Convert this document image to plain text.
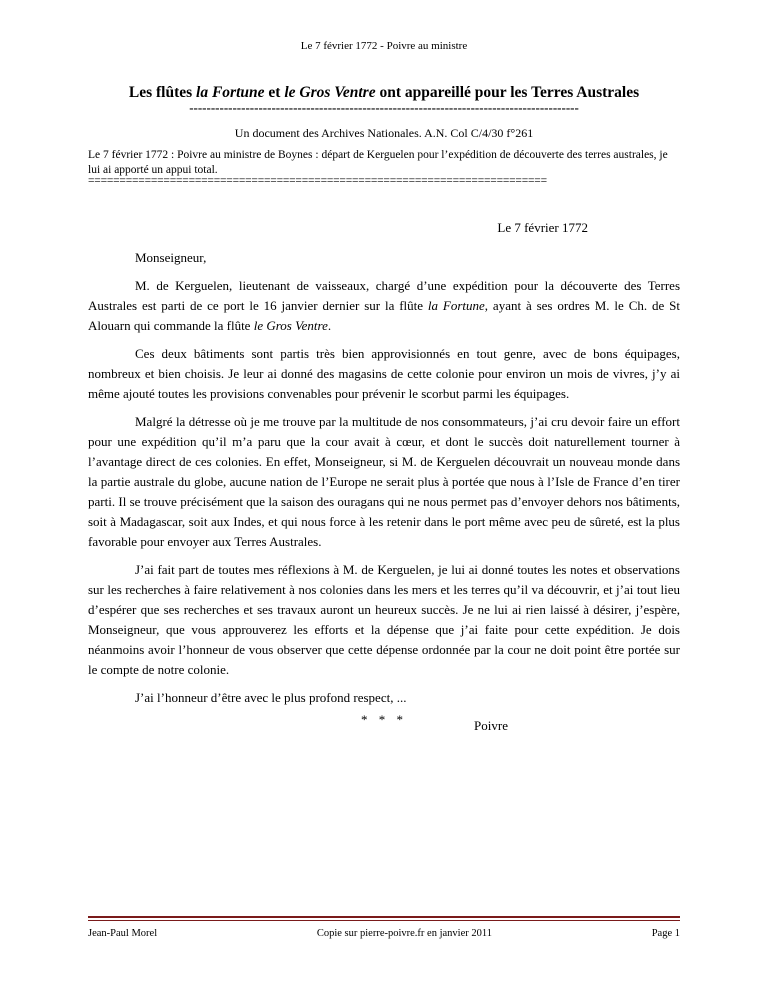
Le 7 février 1772 - Poivre au ministre
Les flûtes la Fortune et le Gros Ventre ont appareillé pour les Terres Australes
------------------------------------------------------------------------------------------
Un document des Archives Nationales. A.N. Col C/4/30 f°261
Le 7 février 1772 : Poivre au ministre de Boynes : départ de Kerguelen pour l’expédition de découverte des terres australes, je lui ai apporté un appui total.
=========================================================================
Le 7 février 1772

Monseigneur,

M. de Kerguelen, lieutenant de vaisseaux, chargé d’une expédition pour la découverte des Terres Australes est parti de ce port le 16 janvier dernier sur la flûte la Fortune, ayant à ses ordres M. le Ch. de St Alouarn qui commande la flûte le Gros Ventre.

Ces deux bâtiments sont partis très bien approvisionnés en tout genre, avec de bons équipages, nombreux et bien choisis. Je leur ai donné des magasins de cette colonie pour environ un mois de vivres, j’y ai même ajouté toutes les provisions convenables pour prévenir le scorbut parmi les équipages.

Malgré la détresse où je me trouve par la multitude de nos consommateurs, j’ai cru devoir faire un effort pour une expédition qu’il m’a paru que la cour avait à cœur, et dont le succès doit naturellement tourner à l’avantage direct de ces colonies. En effet, Monseigneur, si M. de Kerguelen découvrait un nouveau monde dans la partie australe du globe, aucune nation de l’Europe ne serait plus à portée que nous à l’Isle de France d’en tirer parti. Il se trouve précisément que la saison des ouragans qui ne nous permet pas d’envoyer dehors nos bâtiments, soit à Madagascar, soit aux Indes, et qui nous force à les retenir dans le port même avec peu de sûreté, est la plus favorable pour envoyer aux Terres Australes.

J’ai fait part de toutes mes réflexions à M. de Kerguelen, je lui ai donné toutes les notes et observations sur les recherches à faire relativement à nos colonies dans les mers et les terres qu’il va découvrir, et j’ai tout lieu d’espérer que ses recherches et ses travaux auront un heureux succès. Je ne lui ai rien laissé à désirer, j’espère, Monseigneur, que vous approuverez les efforts et la dépense que j’ai faite pour cette expédition. Je dois néanmoins avoir l’honneur de vous observer que cette dépense ordonnée par la cour ne doit point être portée sur le compte de notre colonie.

J’ai l’honneur d’être avec le plus profond respect, ...

Poivre
* * *
Jean-Paul Morel	Copie sur pierre-poivre.fr en janvier 2011	Page 1
